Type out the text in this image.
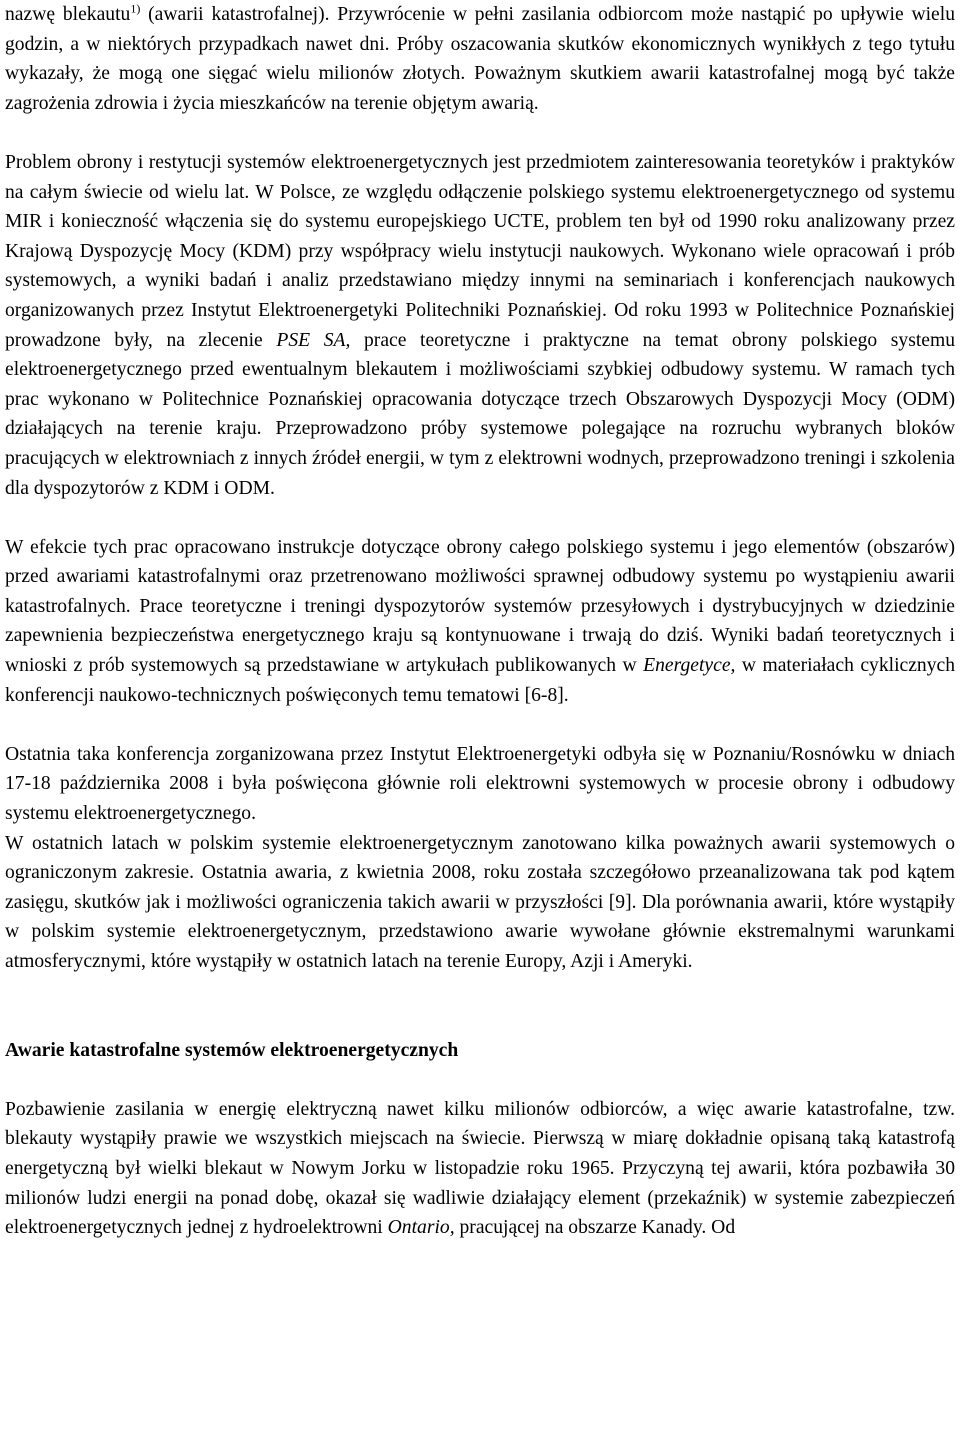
nazwę blekautu$^{1)}$ (awarii katastrofalnej). Przywrócenie w pełni zasilania odbiorcom może nastąpić po upływie wielu godzin, a w niektórych przypadkach nawet dni. Próby oszacowania skutków ekonomicznych wynikłych z tego tytułu wykazały, że mogą one sięgać wielu milionów złotych. Poważnym skutkiem awarii katastrofalnej mogą być także zagrożenia zdrowia i życia mieszkańców na terenie objętym awarią.

Problem obrony i restytucji systemów elektroenergetycznych jest przedmiotem zainteresowania teoretyków i praktyków na całym świecie od wielu lat. W Polsce, ze względu odłączenie polskiego systemu elektroenergetycznego od systemu MIR i konieczność włączenia się do systemu europejskiego UCTE, problem ten był od 1990 roku analizowany przez Krajową Dyspozycję Mocy (KDM) przy współpracy wielu instytucji naukowych. Wykonano wiele opracowań i prób systemowych, a wyniki badań i analiz przedstawiano między innymi na seminariach i konferencjach naukowych organizowanych przez Instytut Elektroenergetyki Politechniki Poznańskiej. Od roku 1993 w Politechnice Poznańskiej prowadzone były, na zlecenie PSE SA, prace teoretyczne i praktyczne na temat obrony polskiego systemu elektroenergetycznego przed ewentualnym blekautem i możliwościami szybkiej odbudowy systemu. W ramach tych prac wykonano w Politechnice Poznańskiej opracowania dotyczące trzech Obszarowych Dyspozycji Mocy (ODM) działających na terenie kraju. Przeprowadzono próby systemowe polegające na rozruchu wybranych bloków pracujących w elektrowniach z innych źródeł energii, w tym z elektrowni wodnych, przeprowadzono treningi i szkolenia dla dyspozytorów z KDM i ODM.

W efekcie tych prac opracowano instrukcje dotyczące obrony całego polskiego systemu i jego elementów (obszarów) przed awariami katastrofalnymi oraz przetrenowano możliwości sprawnej odbudowy systemu po wystąpieniu awarii katastrofalnych. Prace teoretyczne i treningi dyspozytorów systemów przesyłowych i dystrybucyjnych w dziedzinie zapewnienia bezpieczeństwa energetycznego kraju są kontynuowane i trwają do dziś. Wyniki badań teoretycznych i wnioski z prób systemowych są przedstawiane w artykułach publikowanych w Energetyce, w materiałach cyklicznych konferencji naukowo-technicznych poświęconych temu tematowi [6-8].

Ostatnia taka konferencja zorganizowana przez Instytut Elektroenergetyki odbyła się w Poznaniu/Rosnówku w dniach 17-18 października 2008 i była poświęcona głównie roli elektrowni systemowych w procesie obrony i odbudowy systemu elektroenergetycznego.

W ostatnich latach w polskim systemie elektroenergetycznym zanotowano kilka poważnych awarii systemowych o ograniczonym zakresie. Ostatnia awaria, z kwietnia 2008, roku została szczegółowo przeanalizowana tak pod kątem zasięgu, skutków jak i możliwości ograniczenia takich awarii w przyszłości [9]. Dla porównania awarii, które wystąpiły w polskim systemie elektroenergetycznym, przedstawiono awarie wywołane głównie ekstremalnymi warunkami atmosferycznymi, które wystąpiły w ostatnich latach na terenie Europy, Azji i Ameryki.

Awarie katastrofalne systemów elektroenergetycznych

Pozbawienie zasilania w energię elektryczną nawet kilku milionów odbiorców, a więc awarie katastrofalne, tzw. blekauty wystąpiły prawie we wszystkich miejscach na świecie. Pierwszą w miarę dokładnie opisaną taką katastrofą energetyczną był wielki blekaut w Nowym Jorku w listopadzie roku 1965. Przyczyną tej awarii, która pozbawiła 30 milionów ludzi energii na ponad dobę, okazał się wadliwie działający element (przekaźnik) w systemie zabezpieczeń elektroenergetycznych jednej z hydroelektrowni Ontario, pracującej na obszarze Kanady. Od
